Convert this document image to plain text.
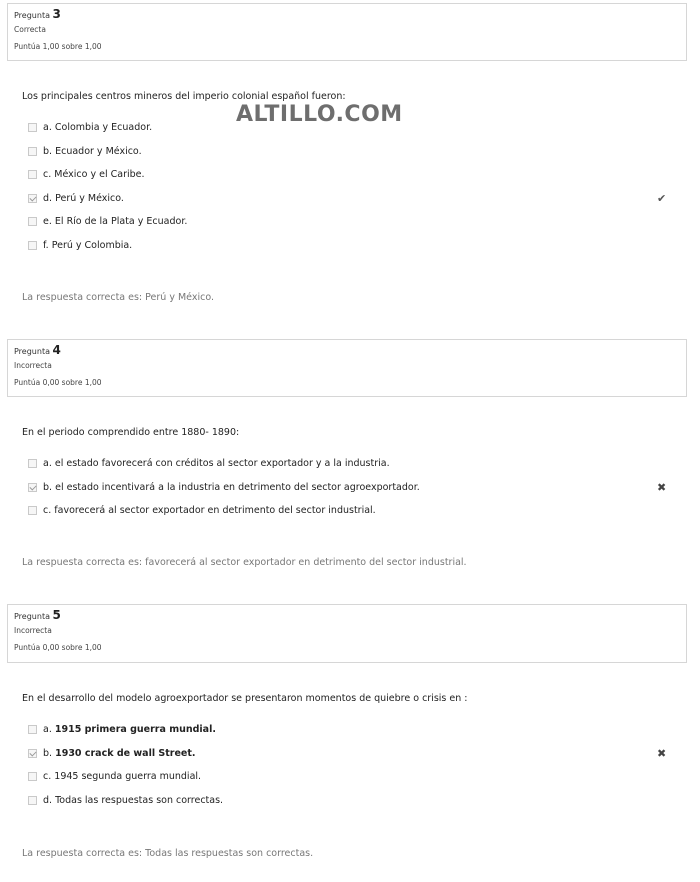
Pregunta 3
Correcta
Puntúa 1,00 sobre 1,00
Los principales centros mineros del imperio colonial español fueron:
ALTILLO.COM
a. Colombia y Ecuador.
b. Ecuador y México.
c. México y el Caribe.
d. Perú y México.	✔
e. El Río de la Plata y Ecuador.
f. Perú y Colombia.
La respuesta correcta es: Perú y México.
Pregunta 4
Incorrecta
Puntúa 0,00 sobre 1,00
En el periodo comprendido entre 1880- 1890:
a. el estado favorecerá con créditos al sector exportador y a la industria.
b. el estado incentivará a la industria en detrimento del sector agroexportador.	✖
c. favorecerá al sector exportador en detrimento del sector industrial.
La respuesta correcta es: favorecerá al sector exportador en detrimento del sector industrial.
Pregunta 5
Incorrecta
Puntúa 0,00 sobre 1,00
En el desarrollo del modelo agroexportador se presentaron momentos de quiebre o crisis en :
a. 1915 primera guerra mundial.
b. 1930 crack de wall Street.	✖
c. 1945 segunda guerra mundial.
d. Todas las respuestas son correctas.
La respuesta correcta es: Todas las respuestas son correctas.
